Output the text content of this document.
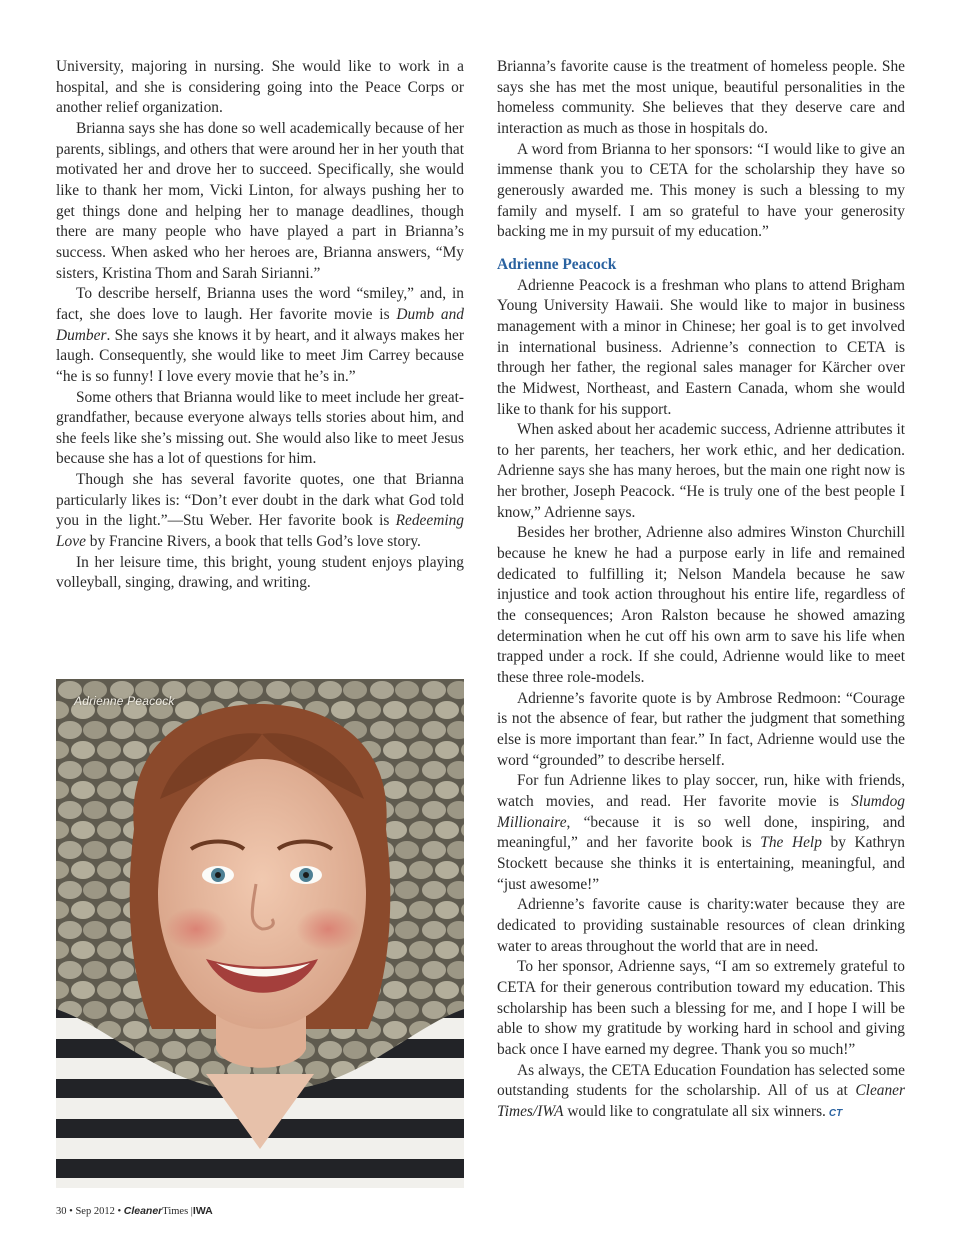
University, majoring in nursing. She would like to work in a hospital, and she is considering going into the Peace Corps or another relief organization.

Brianna says she has done so well academically because of her parents, siblings, and others that were around her in her youth that motivated her and drove her to succeed. Specifically, she would like to thank her mom, Vicki Linton, for always pushing her to get things done and helping her to manage deadlines, though there are many people who have played a part in Brianna’s success. When asked who her heroes are, Brianna answers, “My sisters, Kristina Thom and Sarah Sirianni.”

To describe herself, Brianna uses the word “smiley,” and, in fact, she does love to laugh. Her favorite movie is Dumb and Dumber. She says she knows it by heart, and it always makes her laugh. Consequently, she would like to meet Jim Carrey because “he is so funny! I love every movie that he’s in.”

Some others that Brianna would like to meet include her great-grandfather, because everyone always tells stories about him, and she feels like she’s missing out. She would also like to meet Jesus because she has a lot of questions for him.

Though she has several favorite quotes, one that Brianna particularly likes is: “Don’t ever doubt in the dark what God told you in the light.”—Stu Weber. Her favorite book is Redeeming Love by Francine Rivers, a book that tells God’s love story.

In her leisure time, this bright, young student enjoys playing volleyball, singing, drawing, and writing.

Adrienne Peacock

Brianna’s favorite cause is the treatment of homeless people. She says she has met the most unique, beautiful personalities in the homeless community. She believes that they deserve care and interaction as much as those in hospitals do.

A word from Brianna to her sponsors: “I would like to give an immense thank you to CETA for the scholarship they have so generously awarded me. This money is such a blessing to my family and myself. I am so grateful to have your generosity backing me in my pursuit of my education.”

Adrienne Peacock

Adrienne Peacock is a freshman who plans to attend Brigham Young University Hawaii. She would like to major in business management with a minor in Chinese; her goal is to get involved in international business. Adrienne’s connection to CETA is through her father, the regional sales manager for Kärcher over the Midwest, Northeast, and Eastern Canada, whom she would like to thank for his support.

When asked about her academic success, Adrienne attributes it to her parents, her teachers, her work ethic, and her dedication. Adrienne says she has many heroes, but the main one right now is her brother, Joseph Peacock. “He is truly one of the best people I know,” Adrienne says.

Besides her brother, Adrienne also admires Winston Churchill because he knew he had a purpose early in life and remained dedicated to fulfilling it; Nelson Mandela because he saw injustice and took action throughout his entire life, regardless of the consequences; Aron Ralston because he showed amazing determination when he cut off his own arm to save his life when trapped under a rock. If she could, Adrienne would like to meet these three role-models.

Adrienne’s favorite quote is by Ambrose Redmoon: “Courage is not the absence of fear, but rather the judgment that something else is more important than fear.” In fact, Adrienne would use the word “grounded” to describe herself.

For fun Adrienne likes to play soccer, run, hike with friends, watch movies, and read. Her favorite movie is Slumdog Millionaire, “because it is so well done, inspiring, and meaningful,” and her favorite book is The Help by Kathryn Stockett because she thinks it is entertaining, meaningful, and “just awesome!”

Adrienne’s favorite cause is charity:water because they are dedicated to providing sustainable resources of clean drinking water to areas throughout the world that are in need.

To her sponsor, Adrienne says, “I am so extremely grateful to CETA for their generous contribution toward my education. This scholarship has been such a blessing for me, and I hope I will be able to show my gratitude by working hard in school and giving back once I have earned my degree. Thank you so much!”

As always, the CETA Education Foundation has selected some outstanding students for the scholarship. All of us at Cleaner Times/IWA would like to congratulate all six winners. CT

30 • Sep 2012 • CleanerTimes |IWA
